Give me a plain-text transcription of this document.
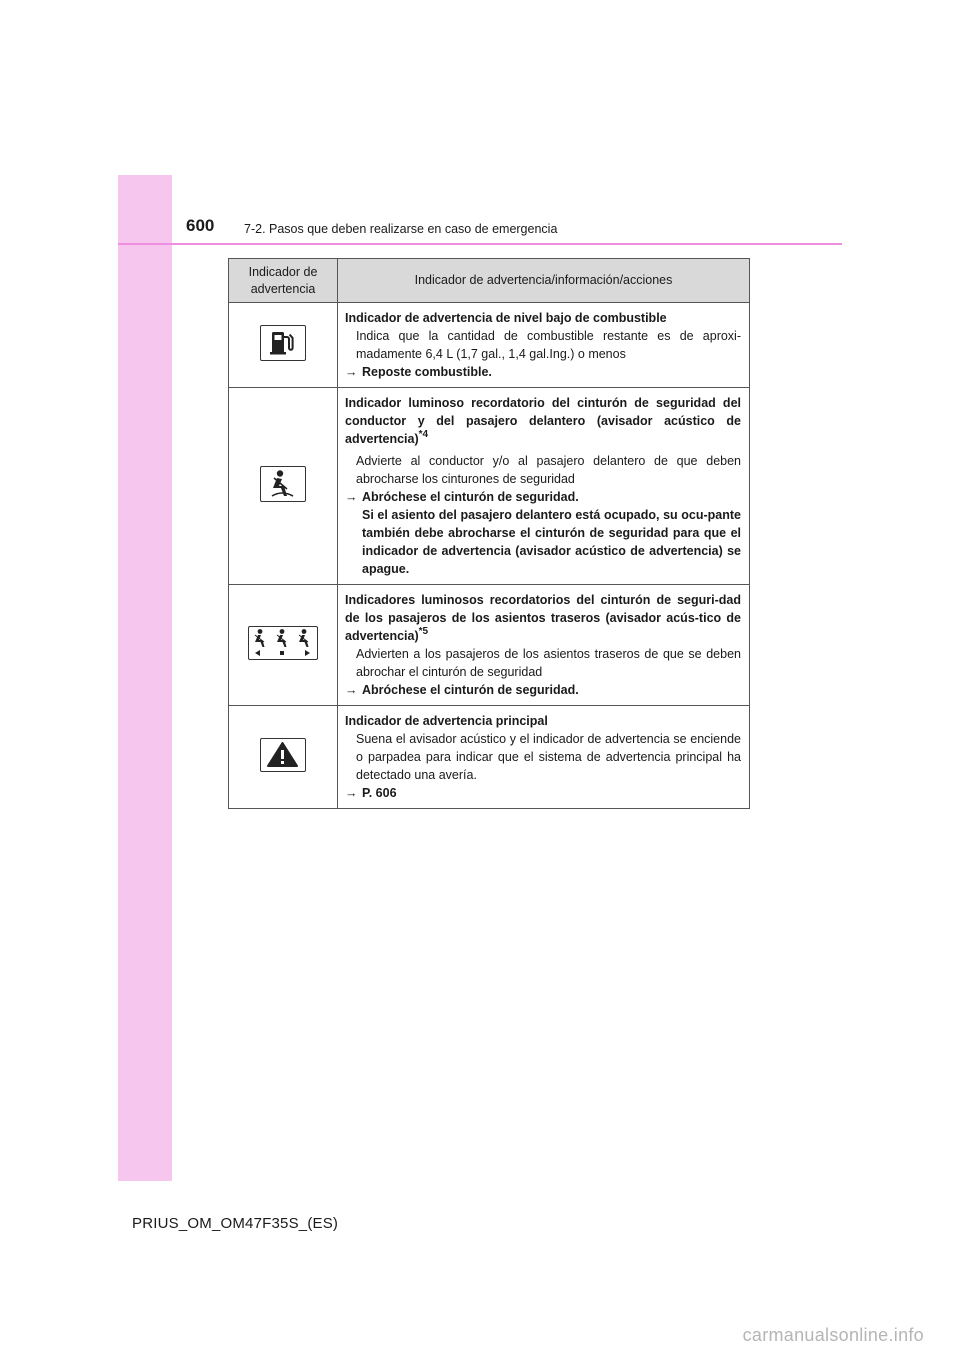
600 7-2. Pasos que deben realizarse en caso de emergencia
Indicador de advertencia	Indicador de advertencia/información/acciones

Indicador de advertencia de nivel bajo de combustible
Indica que la cantidad de combustible restante es de aproxi-madamente 6,4 L (1,7 gal., 1,4 gal.Ing.) o menos
→ Reposte combustible.

Indicador luminoso recordatorio del cinturón de seguridad del conductor y del pasajero delantero (avisador acústico de advertencia)$^{*4}$
Advierte al conductor y/o al pasajero delantero de que deben abrocharse los cinturones de seguridad
→ Abróchese el cinturón de seguridad.
Si el asiento del pasajero delantero está ocupado, su ocu-pante también debe abrocharse el cinturón de seguridad para que el indicador de advertencia (avisador acústico de advertencia) se apague.

Indicadores luminosos recordatorios del cinturón de seguri-dad de los pasajeros de los asientos traseros (avisador acús-tico de advertencia)$^{*5}$
Advierten a los pasajeros de los asientos traseros de que se deben abrochar el cinturón de seguridad
→ Abróchese el cinturón de seguridad.

Indicador de advertencia principal
Suena el avisador acústico y el indicador de advertencia se enciende o parpadea para indicar que el sistema de advertencia principal ha detectado una avería.
→ P. 606
PRIUS_OM_OM47F35S_(ES)
carmanualsonline.info
